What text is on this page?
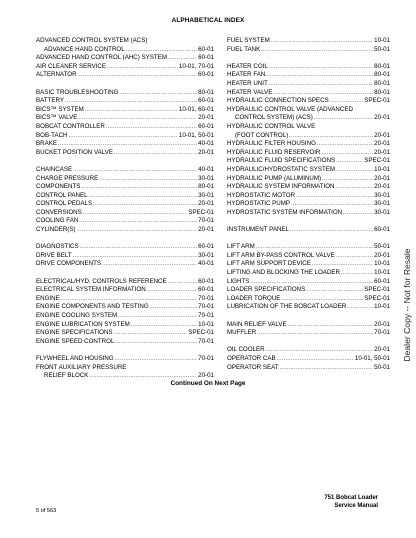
ALPHABETICAL INDEX
ADVANCED CONTROL SYSTEM (ACS)
ADVANCE HAND CONTROL .....	60-01
ADVANCED HAND CONTROL (AHC) SYSTEM .....	60-01
AIR CLEANER SERVICE .....	10-01, 70-01
ALTERNATOR .....	60-01
BASIC TROUBLESHOOTING .....	80-01
BATTERY .....	60-01
BICS™ SYSTEM .....	10-01, 60-01
BICS™ VALVE .....	20-01
BOBCAT CONTROLLER .....	60-01
BOB-TACH .....	10-01, 50-01
BRAKE .....	40-01
BUCKET POSITION VALVE .....	20-01
CHAINCASE .....	40-01
CHARGE PRESSURE .....	30-01
COMPONENTS .....	80-01
CONTROL PANEL .....	30-01
CONTROL PEDALS .....	20-01
CONVERSIONS .....	SPEC-01
COOLING FAN .....	70-01
CYLINDER(S) .....	20-01
DIAGNOSTICS .....	60-01
DRIVE BELT .....	30-01
DRIVE COMPONENTS .....	40-01
ELECTRICAL/HYD. CONTROLS REFERENCE .....	60-01
ELECTRICAL SYSTEM INFORMATION .....	60-01
ENGINE .....	70-01
ENGINE COMPONENTS AND TESTING .....	70-01
ENGINE COOLING SYSTEM .....	70-01
ENGINE LUBRICATION SYSTEM .....	10-01
ENGINE SPECIFICATIONS .....	SPEC-01
ENGINE SPEED CONTROL .....	70-01
FLYWHEEL AND HOUSING .....	70-01
FRONT AUXILIARY PRESSURE
RELIEF BLOCK .....	20-01
FUEL SYSTEM .....	10-01
FUEL TANK .....	50-01
HEATER COIL .....	80-01
HEATER FAN .....	80-01
HEATER UNIT .....	80-01
HEATER VALVE .....	80-01
HYDRAULIC CONNECTION SPECS .....	SPEC-01
HYDRAULIC CONTROL VALVE (ADVANCED
CONTROL SYSTEM) (ACS) .....	20-01
HYDRAULIC CONTROL VALVE
(FOOT CONTROL) .....	20-01
HYDRAULIC FILTER HOUSING .....	20-01
HYDRAULIC FLUID RESERVOIR .....	20-01
HYDRAULIC FLUID SPECIFICATIONS .....	SPEC-01
HYDRAULIC/HYDROSTATIC SYSTEM .....	10-01
HYDRAULIC PUMP (ALUMINUM) .....	20-01
HYDRAULIC SYSTEM INFORMATION .....	20-01
HYDROSTATIC MOTOR .....	30-01
HYDROSTATIC PUMP .....	30-01
HYDROSTATIC SYSTEM INFORMATION .....	30-01
INSTRUMENT PANEL .....	60-01
LIFT ARM .....	50-01
LIFT ARM BY-PASS CONTROL VALVE .....	20-01
LIFT ARM SUPPORT DEVICE .....	10-01
LIFTING AND BLOCKING THE LOADER .....	10-01
LIGHTS .....	60-01
LOADER SPECIFICATIONS .....	SPEC-01
LOADER TORQUE .....	SPEC-01
LUBRICATION OF THE BOBCAT LOADER .....	10-01
MAIN RELIEF VALVE .....	20-01
MUFFLER .....	70-01
OIL COOLER .....	20-01
OPERATOR CAB .....	10-01, 50-01
OPERATOR SEAT .....	50-01
Dealer Copy -- Not for Resale
Continued On Next Page
751 Bobcat Loader
Service Manual
5 of 563
